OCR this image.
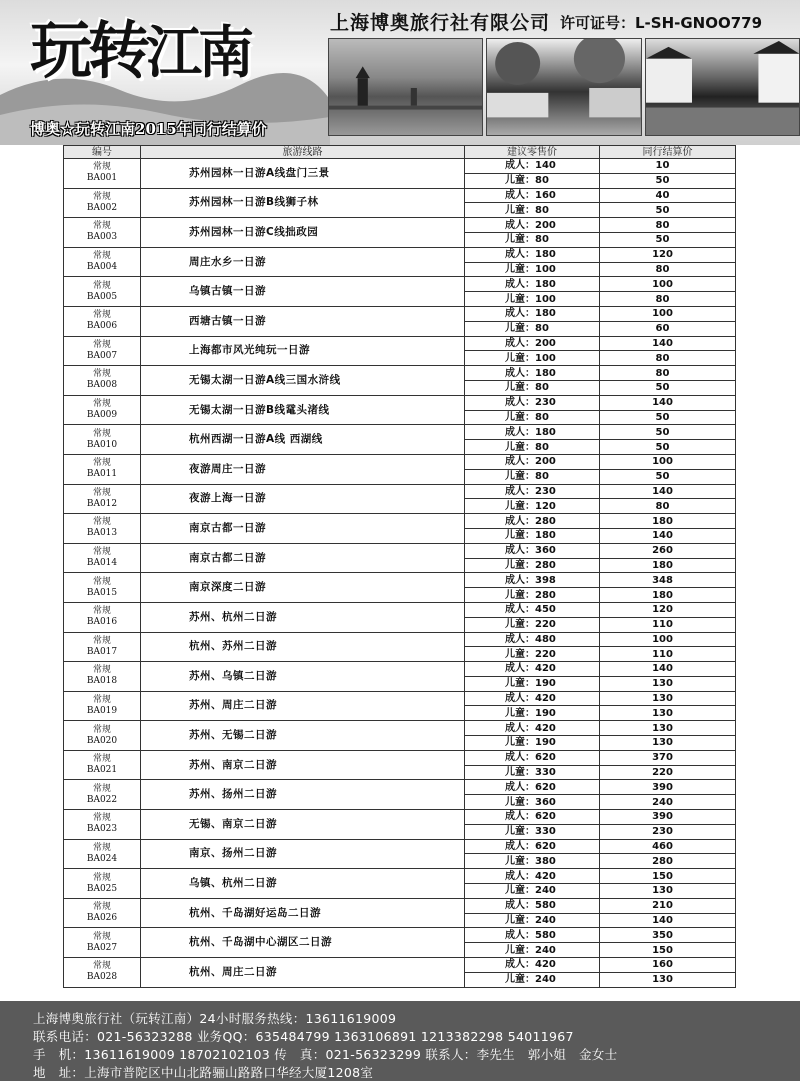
玩转江南	上海博奥旅行社有限公司 许可证号：L-SH-GNOO779
博奥☆玩转江南2015年同行结算价
编号	旅游线路	建议零售价	同行结算价
常规
BA001	苏州园林一日游A线盘门三景	成人：140	10
		儿童：80	50
常规
BA002	苏州园林一日游B线狮子林	成人：160	40
		儿童：80	50
常规
BA003	苏州园林一日游C线拙政园	成人：200	80
		儿童：80	50
常规
BA004	周庄水乡一日游	成人：180	120
		儿童：100	80
常规
BA005	乌镇古镇一日游	成人：180	100
		儿童：100	80
常规
BA006	西塘古镇一日游	成人：180	100
		儿童：80	60
常规
BA007	上海都市风光纯玩一日游	成人：200	140
		儿童：100	80
常规
BA008	无锡太湖一日游A线三国水浒线	成人：180	80
		儿童：80	50
常规
BA009	无锡太湖一日游B线鼋头渚线	成人：230	140
		儿童：80	50
常规
BA010	杭州西湖一日游A线 西湖线	成人：180	50
		儿童：80	50
常规
BA011	夜游周庄一日游	成人：200	100
		儿童：80	50
常规
BA012	夜游上海一日游	成人：230	140
		儿童：120	80
常规
BA013	南京古都一日游	成人：280	180
		儿童：180	140
常规
BA014	南京古都二日游	成人：360	260
		儿童：280	180
常规
BA015	南京深度二日游	成人：398	348
		儿童：280	180
常规
BA016	苏州、杭州二日游	成人：450	120
		儿童：220	110
常规
BA017	杭州、苏州二日游	成人：480	100
		儿童：220	110
常规
BA018	苏州、乌镇二日游	成人：420	140
		儿童：190	130
常规
BA019	苏州、周庄二日游	成人：420	130
		儿童：190	130
常规
BA020	苏州、无锡二日游	成人：420	130
		儿童：190	130
常规
BA021	苏州、南京二日游	成人：620	370
		儿童：330	220
常规
BA022	苏州、扬州二日游	成人：620	390
		儿童：360	240
常规
BA023	无锡、南京二日游	成人：620	390
		儿童：330	230
常规
BA024	南京、扬州二日游	成人：620	460
		儿童：380	280
常规
BA025	乌镇、杭州二日游	成人：420	150
		儿童：240	130
常规
BA026	杭州、千岛湖好运岛二日游	成人：580	210
		儿童：240	140
常规
BA027	杭州、千岛湖中心湖区二日游	成人：580	350
		儿童：240	150
常规
BA028	杭州、周庄二日游	成人：420	160
		儿童：240	130
上海博奥旅行社（玩转江南）24小时服务热线：13611619009
联系电话：021-56323288 业务QQ：635484799 1363106891 1213382298 54011967
手　机：13611619009 18702102103 传　真：021-56323299 联系人：李先生　郭小姐　金女士
地　址：上海市普陀区中山北路骊山路路口华经大厦1208室
